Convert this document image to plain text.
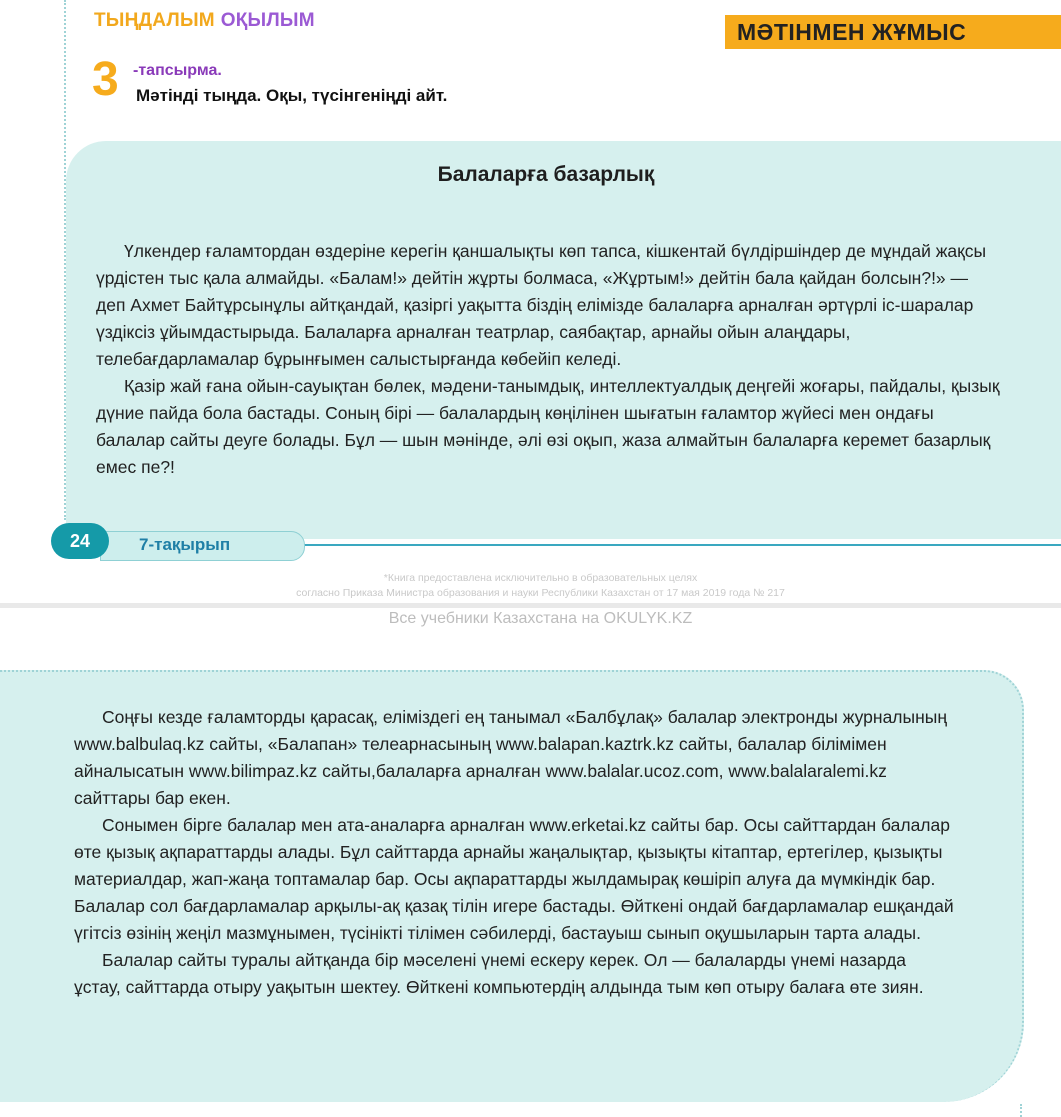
ТЫҢДАЛЫМ ОҚЫЛЫМ	МӘТІНМЕН ЖҰМЫС
3 -тапсырма.
Мәтінді тыңда. Оқы, түсінгеніңді айт.
Балаларға базарлық

Үлкендер ғаламтордан өздеріне керегін қаншалықты көп тапса, кішкентай бүлдіршіндер де мұндай жақсы үрдістен тыс қала алмайды. «Балам!» дейтін жұрты болмаса, «Жұртым!» дейтін бала қайдан болсын?!» — деп Ахмет Байтұрсынұлы айтқандай, қазіргі уақытта біздің елімізде балаларға арналған әртүрлі іс-шаралар үздіксіз ұйымдастырыда. Балаларға арналған театрлар, саябақтар, арнайы ойын алаңдары, телебағдарламалар бұрынғымен салыстырғанда көбейіп келеді.

Қазір жай ғана ойын-сауықтан бөлек, мәдени-танымдық, интеллектуалдық деңгейі жоғары, пайдалы, қызық дүние пайда бола бастады. Соның бірі — балалардың көңілінен шығатын ғаламтор жүйесі мен ондағы балалар сайты деуге болады. Бұл — шын мәнінде, әлі өзі оқып, жаза алмайтын балаларға керемет базарлық емес пе?!

7-тақырып
24
*Книга предоставлена исключительно в образовательных целях
согласно Приказа Министра образования и науки Республики Казахстан от 17 мая 2019 года № 217
Все учебники Казахстана на OKULYK.KZ

Соңғы кезде ғаламторды қарасақ, еліміздегі ең танымал «Балбұлақ» балалар электронды журналының www.balbulaq.kz сайты, «Балапан» телеарнасының www.balapan.kaztrk.kz сайты, балалар білімімен айналысатын www.bilimpaz.kz сайты,балаларға арналған www.balalar.ucoz.com, www.balalaralemi.kz сайттары бар екен.

Сонымен бірге балалар мен ата-аналарға арналған www.erketai.kz сайты бар. Осы сайттардан балалар өте қызық ақпараттарды алады. Бұл сайттарда арнайы жаңалықтар, қызықты кітаптар, ертегілер, қызықты материалдар, жап-жаңа топтамалар бар. Осы ақпараттарды жылдамырақ көшіріп алуға да мүмкіндік бар. Балалар сол бағдарламалар арқылы-ақ қазақ тілін игере бастады. Өйткені ондай бағдарламалар ешқандай үгітсіз өзінің жеңіл мазмұнымен, түсінікті тілімен сәбилерді, бастауыш сынып оқушыларын тарта алады.

Балалар сайты туралы айтқанда бір мәселені үнемі ескеру керек. Ол — балаларды үнемі назарда ұстау, сайттарда отыру уақытын шектеу. Өйткені компьютердің алдында тым көп отыру балаға өте зиян.
